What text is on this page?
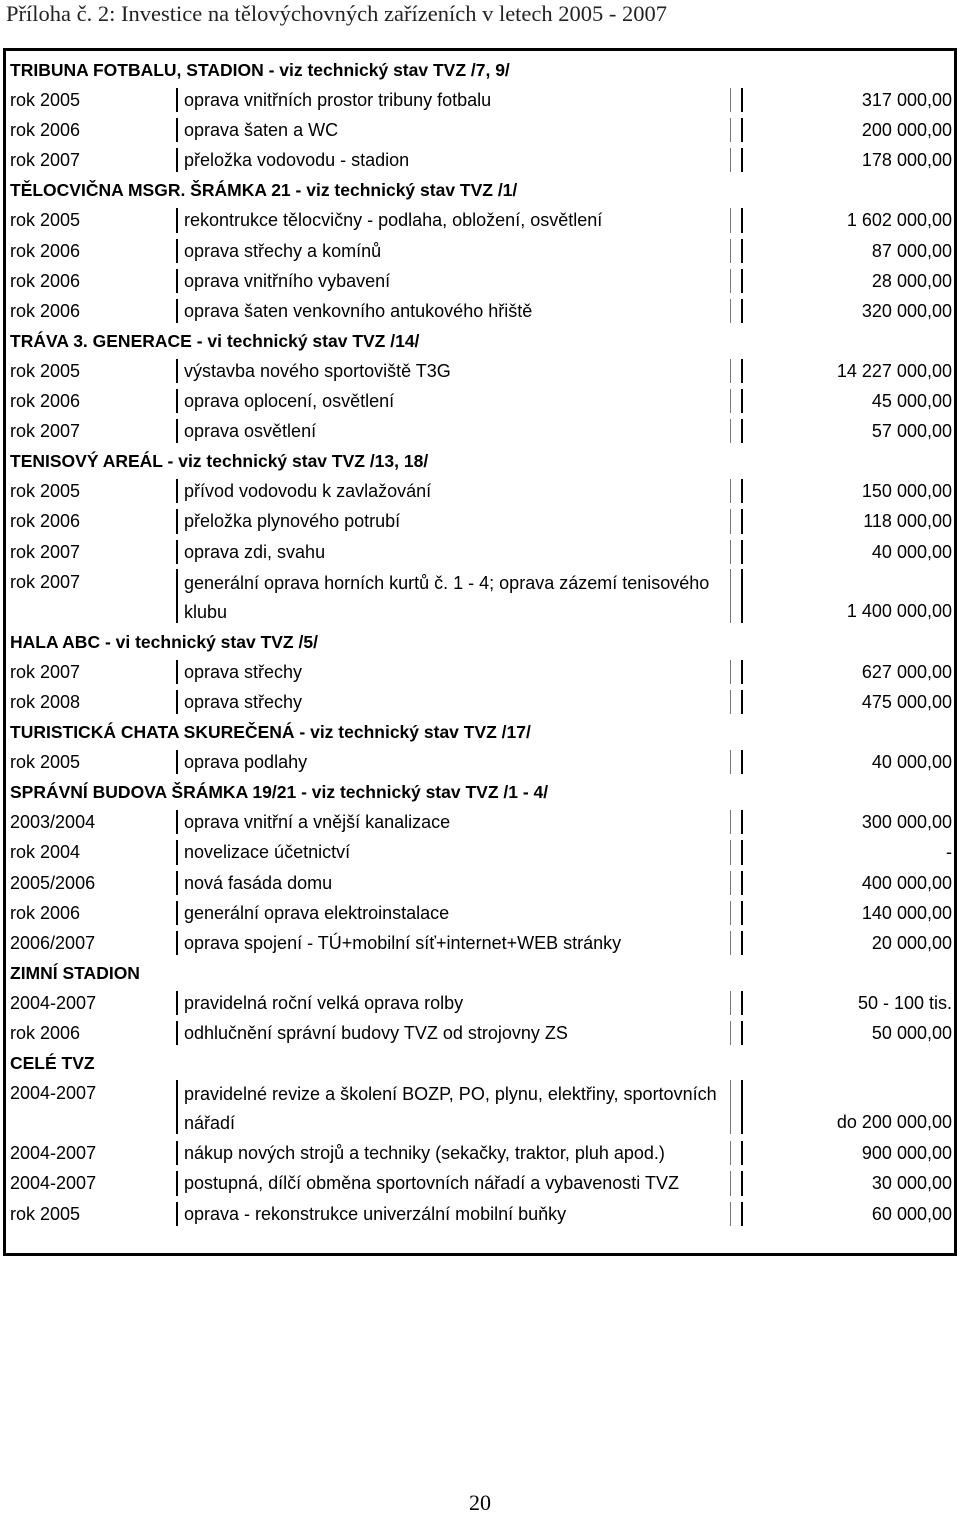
Příloha č. 2: Investice na tělovýchovných zařízeních v letech 2005 - 2007
TRIBUNA FOTBALU, STADION - viz technický stav TVZ /7, 9/
rok 2005	oprava vnitřních prostor tribuny fotbalu	317 000,00
rok 2006	oprava šaten a WC	200 000,00
rok 2007	přeložka vodovodu - stadion	178 000,00
TĚLOCVIČNA MSGR. ŠRÁMKA 21 - viz technický stav TVZ /1/
rok 2005	rekontrukce tělocvičny - podlaha, obložení, osvětlení	1 602 000,00
rok 2006	oprava střechy a komínů	87 000,00
rok 2006	oprava vnitřního vybavení	28 000,00
rok 2006	oprava šaten venkovního antukového hřiště	320 000,00
TRÁVA 3. GENERACE - vi technický stav TVZ /14/
rok 2005	výstavba nového sportoviště T3G	14 227 000,00
rok 2006	oprava oplocení, osvětlení	45 000,00
rok 2007	oprava osvětlení	57 000,00
TENISOVÝ AREÁL - viz technický stav TVZ /13, 18/
rok 2005	přívod vodovodu k zavlažování	150 000,00
rok 2006	přeložka plynového potrubí	118 000,00
rok 2007	oprava zdi, svahu	40 000,00
rok 2007	generální oprava horních kurtů č. 1 - 4; oprava zázemí tenisového klubu	1 400 000,00
HALA ABC - vi technický stav TVZ /5/
rok 2007	oprava střechy	627 000,00
rok 2008	oprava střechy	475 000,00
TURISTICKÁ CHATA SKUREČENÁ - viz technický stav TVZ /17/
rok 2005	oprava podlahy	40 000,00
SPRÁVNÍ BUDOVA ŠRÁMKA 19/21 - viz technický stav TVZ /1 - 4/
2003/2004	oprava vnitřní a vnější kanalizace	300 000,00
rok 2004	novelizace účetnictví	-
2005/2006	nová fasáda domu	400 000,00
rok 2006	generální oprava elektroinstalace	140 000,00
2006/2007	oprava spojení - TÚ+mobilní síť+internet+WEB stránky	20 000,00
ZIMNÍ STADION
2004-2007	pravidelná roční velká oprava rolby	50 - 100 tis.
rok 2006	odhlučnění správní budovy TVZ od strojovny ZS	50 000,00
CELÉ TVZ
2004-2007	pravidelné revize a školení BOZP, PO, plynu, elektřiny, sportovních nářadí	do 200 000,00
2004-2007	nákup nových strojů a techniky (sekačky, traktor, pluh apod.)	900 000,00
2004-2007	postupná, dílčí obměna sportovních nářadí a vybavenosti TVZ	30 000,00
rok 2005	oprava - rekonstrukce univerzální mobilní buňky	60 000,00
20
